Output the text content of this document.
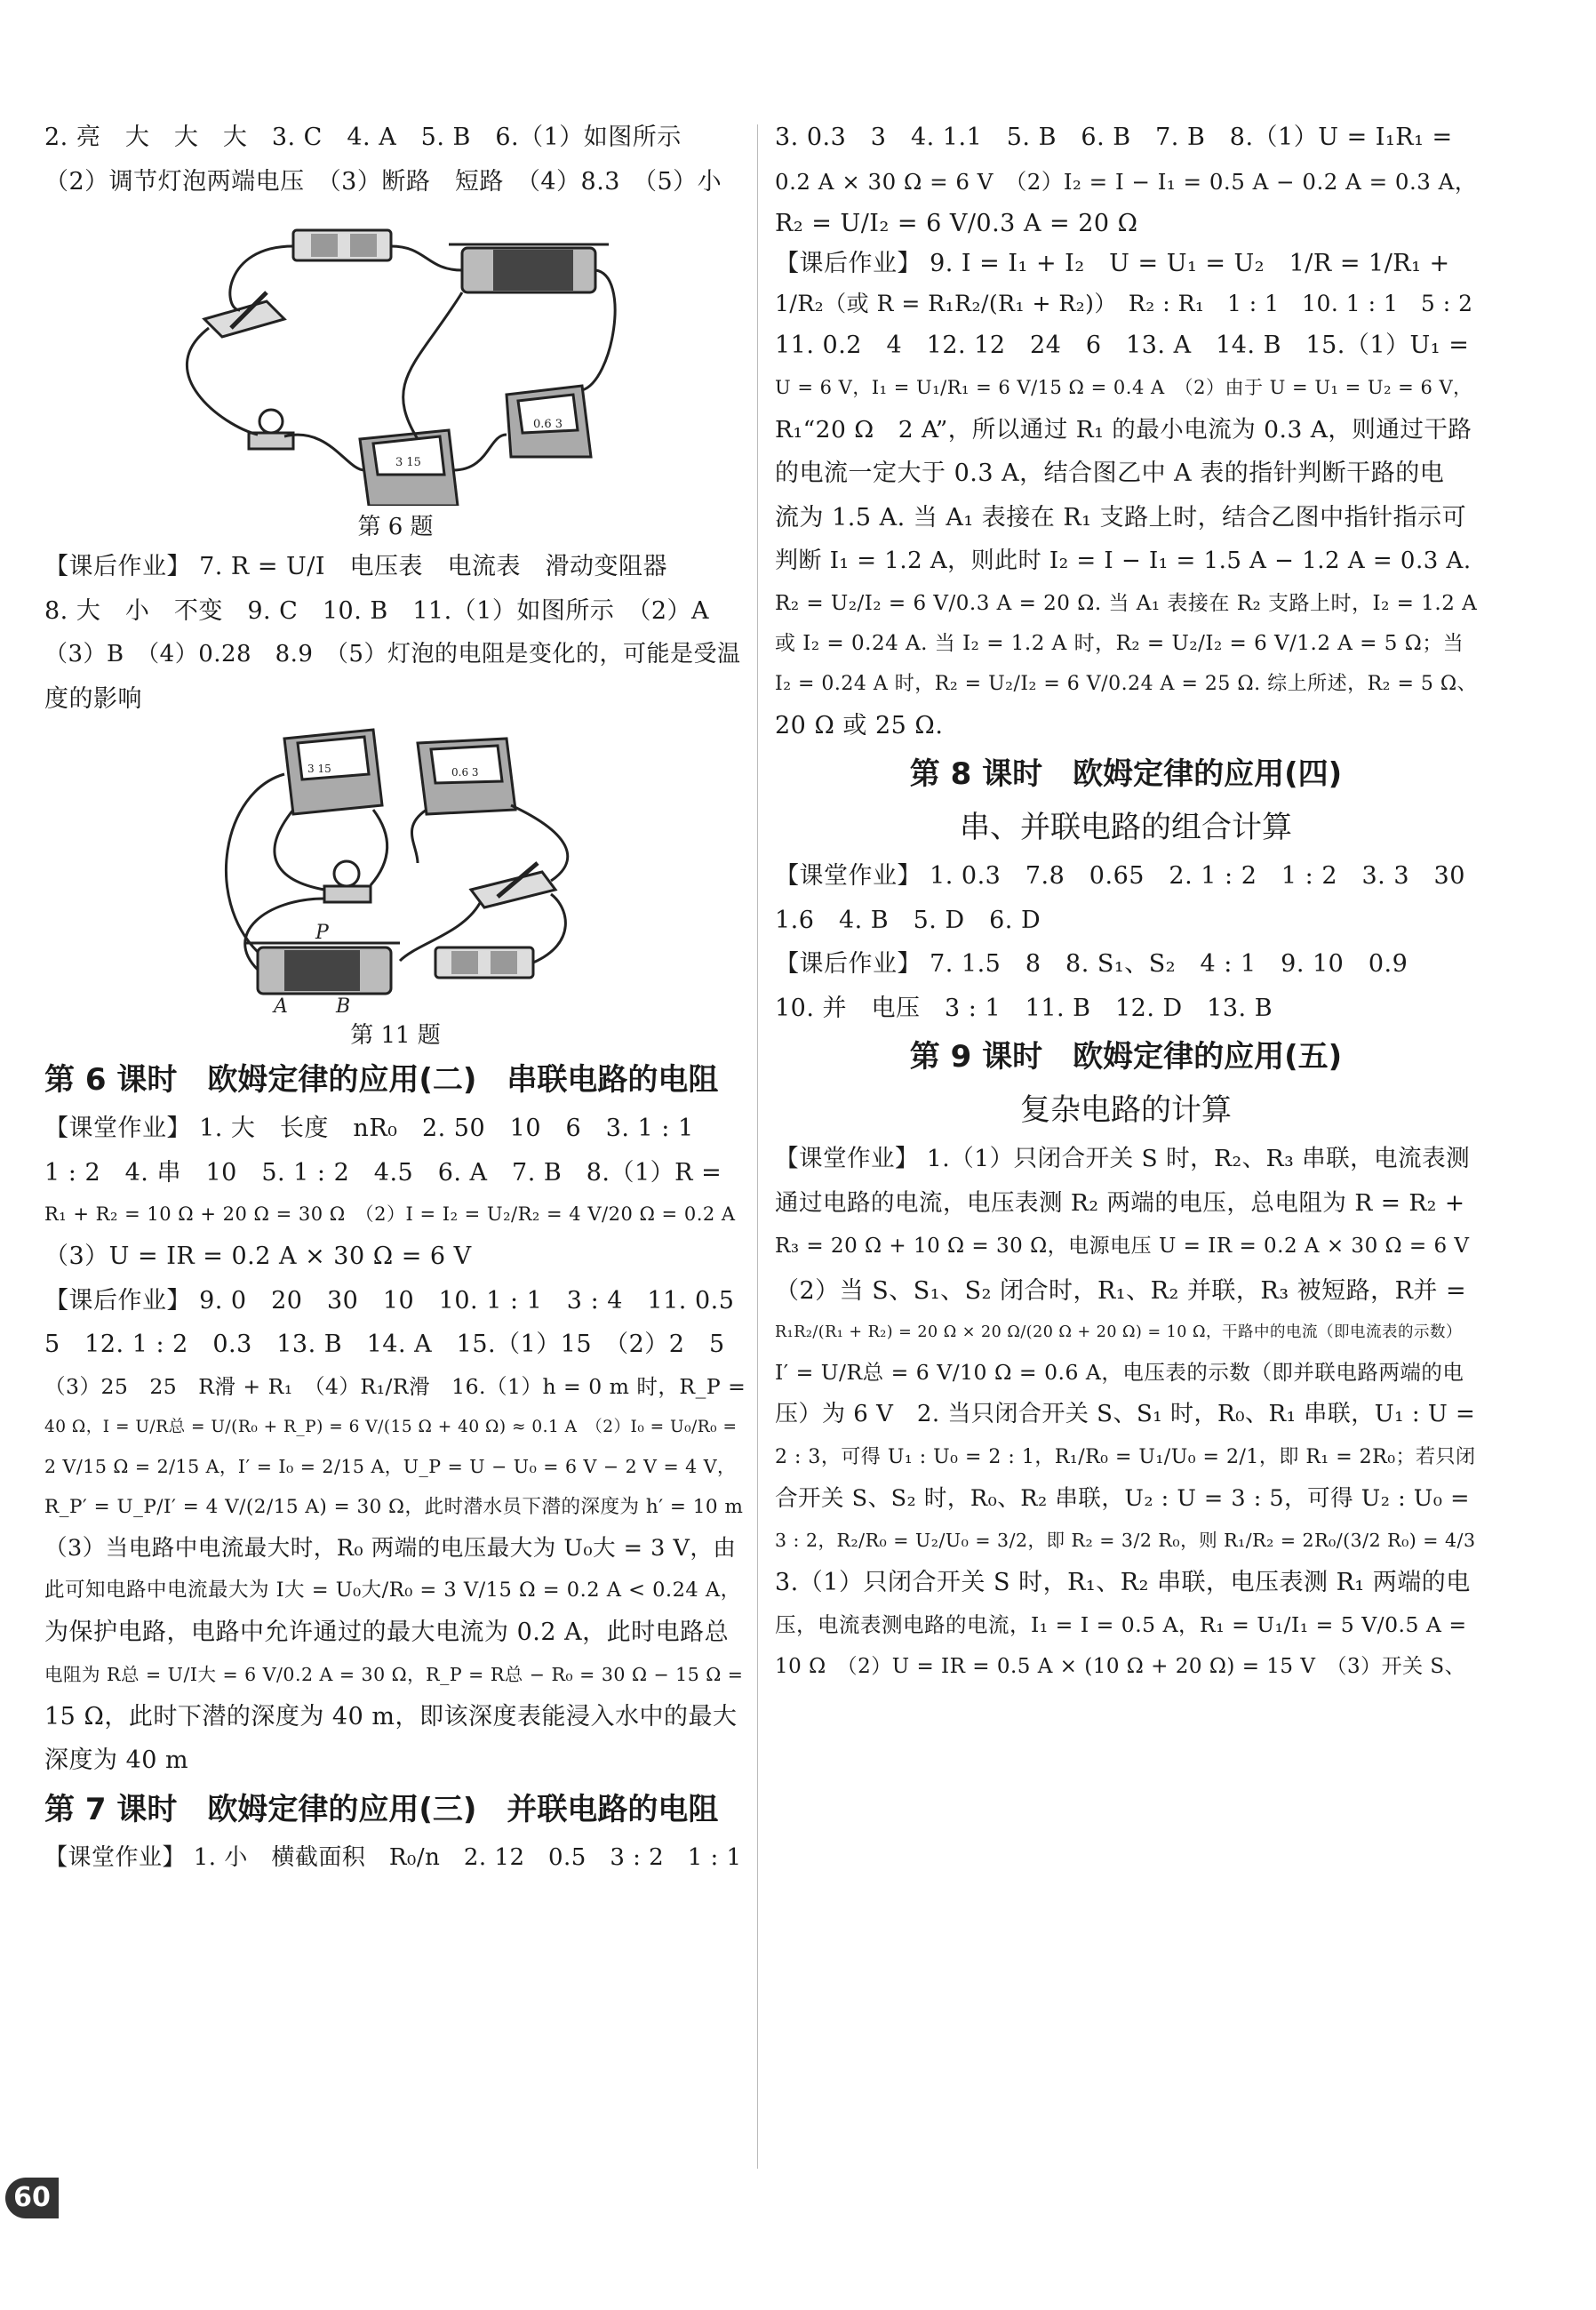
2. 亮　大　大　大　3. C　4. A　5. B　6.（1）如图所示
（2）调节灯泡两端电压　（3）断路　短路　（4）8.3　（5）小
3 15
0.6 3
第 6 题
【课后作业】 7. R = U/I　电压表　电流表　滑动变阻器
8. 大　小　不变　9. C　10. B　11.（1）如图所示　（2）A
（3）B　（4）0.28　8.9　（5）灯泡的电阻是变化的，可能是受温
度的影响
3 15	0.6 3
P
A B
第 11 题
第 6 课时　欧姆定律的应用(二)　串联电路的电阻
【课堂作业】 1. 大　长度　nR₀　2. 50　10　6　3. 1 : 1
1 : 2　4. 串　10　5. 1 : 2　4.5　6. A　7. B　8.（1）R =
R₁ + R₂ = 10 Ω + 20 Ω = 30 Ω　（2）I = I₂ = U₂/R₂ = 4 V/20 Ω = 0.2 A
（3）U = IR = 0.2 A × 30 Ω = 6 V
【课后作业】 9. 0　20　30　10　10. 1 : 1　3 : 4　11. 0.5
5　12. 1 : 2　0.3　13. B　14. A　15.（1）15　（2）2　5
（3）25　25　R滑 + R₁　（4）R₁/R滑　16.（1）h = 0 m 时，R_P =
40 Ω，I = U/R总 = U/(R₀ + R_P) = 6 V/(15 Ω + 40 Ω) ≈ 0.1 A　（2）I₀ = U₀/R₀ =
2 V/15 Ω = 2/15 A，I′ = I₀ = 2/15 A，U_P = U − U₀ = 6 V − 2 V = 4 V，
R_P′ = U_P/I′ = 4 V/(2/15 A) = 30 Ω，此时潜水员下潜的深度为 h′ = 10 m
（3）当电路中电流最大时，R₀ 两端的电压最大为 U₀大 = 3 V，由
此可知电路中电流最大为 I大 = U₀大/R₀ = 3 V/15 Ω = 0.2 A < 0.24 A，
为保护电路，电路中允许通过的最大电流为 0.2 A，此时电路总
电阻为 R总 = U/I大 = 6 V/0.2 A = 30 Ω，R_P = R总 − R₀ = 30 Ω − 15 Ω =
15 Ω，此时下潜的深度为 40 m，即该深度表能浸入水中的最大
深度为 40 m
第 7 课时　欧姆定律的应用(三)　并联电路的电阻
【课堂作业】 1. 小　横截面积　R₀/n　2. 12　0.5　3 : 2　1 : 1
3. 0.3　3　4. 1.1　5. B　6. B　7. B　8.（1）U = I₁R₁ =
0.2 A × 30 Ω = 6 V　（2）I₂ = I − I₁ = 0.5 A − 0.2 A = 0.3 A，
R₂ = U/I₂ = 6 V/0.3 A = 20 Ω
【课后作业】 9. I = I₁ + I₂　U = U₁ = U₂　1/R = 1/R₁ +
1/R₂（或 R = R₁R₂/(R₁ + R₂)）　R₂ : R₁　1 : 1　10. 1 : 1　5 : 2
11. 0.2　4　12. 12　24　6　13. A　14. B　15.（1）U₁ =
U = 6 V，I₁ = U₁/R₁ = 6 V/15 Ω = 0.4 A　（2）由于 U = U₁ = U₂ = 6 V，
R₁“20 Ω　2 A”，所以通过 R₁ 的最小电流为 0.3 A，则通过干路
的电流一定大于 0.3 A，结合图乙中 A 表的指针判断干路的电
流为 1.5 A. 当 A₁ 表接在 R₁ 支路上时，结合乙图中指针指示可
判断 I₁ = 1.2 A，则此时 I₂ = I − I₁ = 1.5 A − 1.2 A = 0.3 A.
R₂ = U₂/I₂ = 6 V/0.3 A = 20 Ω. 当 A₁ 表接在 R₂ 支路上时，I₂ = 1.2 A
或 I₂ = 0.24 A. 当 I₂ = 1.2 A 时，R₂ = U₂/I₂ = 6 V/1.2 A = 5 Ω；当
I₂ = 0.24 A 时，R₂ = U₂/I₂ = 6 V/0.24 A = 25 Ω. 综上所述，R₂ = 5 Ω、
20 Ω 或 25 Ω.
第 8 课时　欧姆定律的应用(四)
串、并联电路的组合计算
【课堂作业】 1. 0.3　7.8　0.65　2. 1 : 2　1 : 2　3. 3　30
1.6　4. B　5. D　6. D
【课后作业】 7. 1.5　8　8. S₁、S₂　4 : 1　9. 10　0.9
10. 并　电压　3 : 1　11. B　12. D　13. B
第 9 课时　欧姆定律的应用(五)
复杂电路的计算
【课堂作业】 1.（1）只闭合开关 S 时，R₂、R₃ 串联，电流表测
通过电路的电流，电压表测 R₂ 两端的电压，总电阻为 R = R₂ +
R₃ = 20 Ω + 10 Ω = 30 Ω，电源电压 U = IR = 0.2 A × 30 Ω = 6 V
（2）当 S、S₁、S₂ 闭合时，R₁、R₂ 并联，R₃ 被短路，R并 =
R₁R₂/(R₁ + R₂) = 20 Ω × 20 Ω/(20 Ω + 20 Ω) = 10 Ω，干路中的电流（即电流表的示数）
I′ = U/R总 = 6 V/10 Ω = 0.6 A，电压表的示数（即并联电路两端的电
压）为 6 V　2. 当只闭合开关 S、S₁ 时，R₀、R₁ 串联，U₁ : U =
2 : 3，可得 U₁ : U₀ = 2 : 1，R₁/R₀ = U₁/U₀ = 2/1，即 R₁ = 2R₀；若只闭
合开关 S、S₂ 时，R₀、R₂ 串联，U₂ : U = 3 : 5，可得 U₂ : U₀ =
3 : 2，R₂/R₀ = U₂/U₀ = 3/2，即 R₂ = 3/2 R₀，则 R₁/R₂ = 2R₀/(3/2 R₀) = 4/3
3.（1）只闭合开关 S 时，R₁、R₂ 串联，电压表测 R₁ 两端的电
压，电流表测电路的电流，I₁ = I = 0.5 A，R₁ = U₁/I₁ = 5 V/0.5 A =
10 Ω　（2）U = IR = 0.5 A × (10 Ω + 20 Ω) = 15 V　（3）开关 S、
60
